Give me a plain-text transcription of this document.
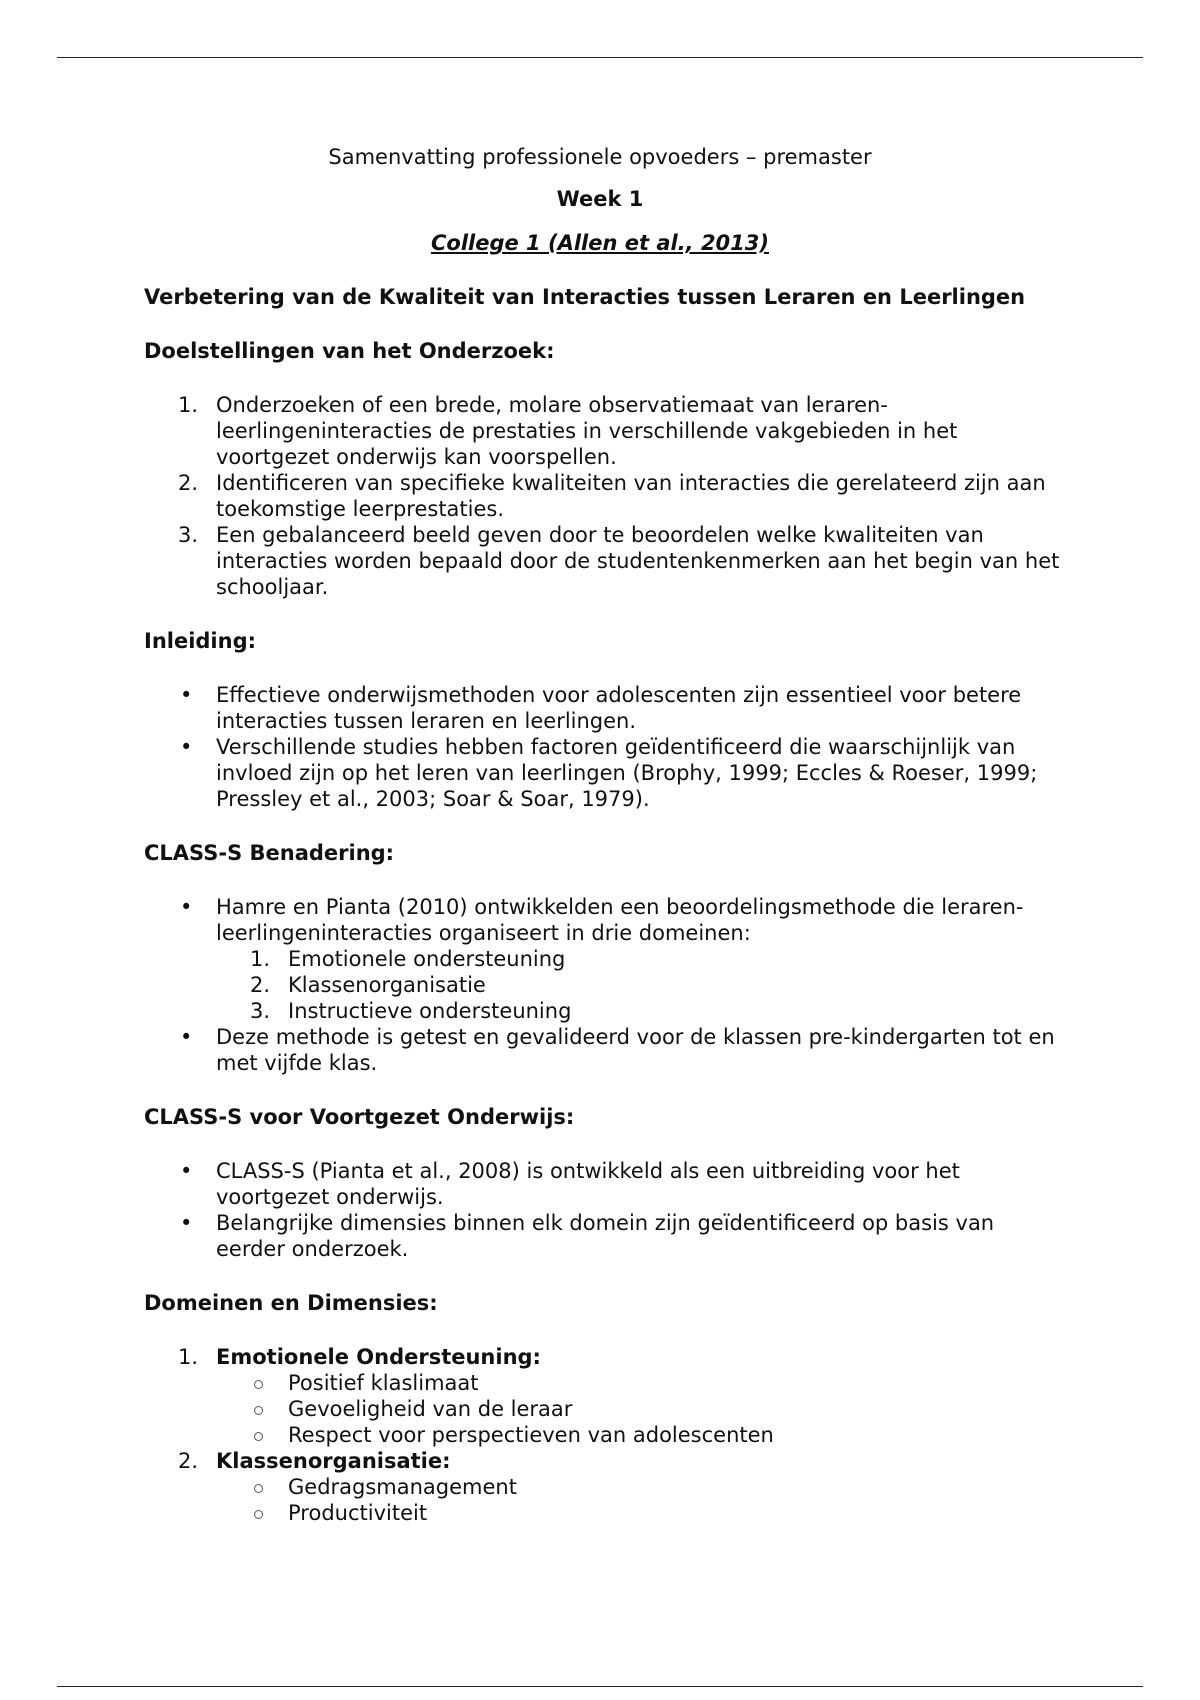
Samenvatting professionele opvoeders – premaster
Week 1
College 1 (Allen et al., 2013)

Verbetering van de Kwaliteit van Interacties tussen Leraren en Leerlingen

Doelstellingen van het Onderzoek:

1. Onderzoeken of een brede, molare observatiemaat van leraren-leerlingeninteracties de prestaties in verschillende vakgebieden in het voortgezet onderwijs kan voorspellen.
2. Identificeren van specifieke kwaliteiten van interacties die gerelateerd zijn aan toekomstige leerprestaties.
3. Een gebalanceerd beeld geven door te beoordelen welke kwaliteiten van interacties worden bepaald door de studentenkenmerken aan het begin van het schooljaar.

Inleiding:

• Effectieve onderwijsmethoden voor adolescenten zijn essentieel voor betere interacties tussen leraren en leerlingen.
• Verschillende studies hebben factoren geïdentificeerd die waarschijnlijk van invloed zijn op het leren van leerlingen (Brophy, 1999; Eccles & Roeser, 1999; Pressley et al., 2003; Soar & Soar, 1979).

CLASS-S Benadering:

• Hamre en Pianta (2010) ontwikkelden een beoordelingsmethode die leraren-leerlingeninteracties organiseert in drie domeinen:
1. Emotionele ondersteuning
2. Klassenorganisatie
3. Instructieve ondersteuning
• Deze methode is getest en gevalideerd voor de klassen pre-kindergarten tot en met vijfde klas.

CLASS-S voor Voortgezet Onderwijs:

• CLASS-S (Pianta et al., 2008) is ontwikkeld als een uitbreiding voor het voortgezet onderwijs.
• Belangrijke dimensies binnen elk domein zijn geïdentificeerd op basis van eerder onderzoek.

Domeinen en Dimensies:

1. Emotionele Ondersteuning:
Positief klaslimaat
Gevoeligheid van de leraar
Respect voor perspectieven van adolescenten
2. Klassenorganisatie:
Gedragsmanagement
Productiviteit
